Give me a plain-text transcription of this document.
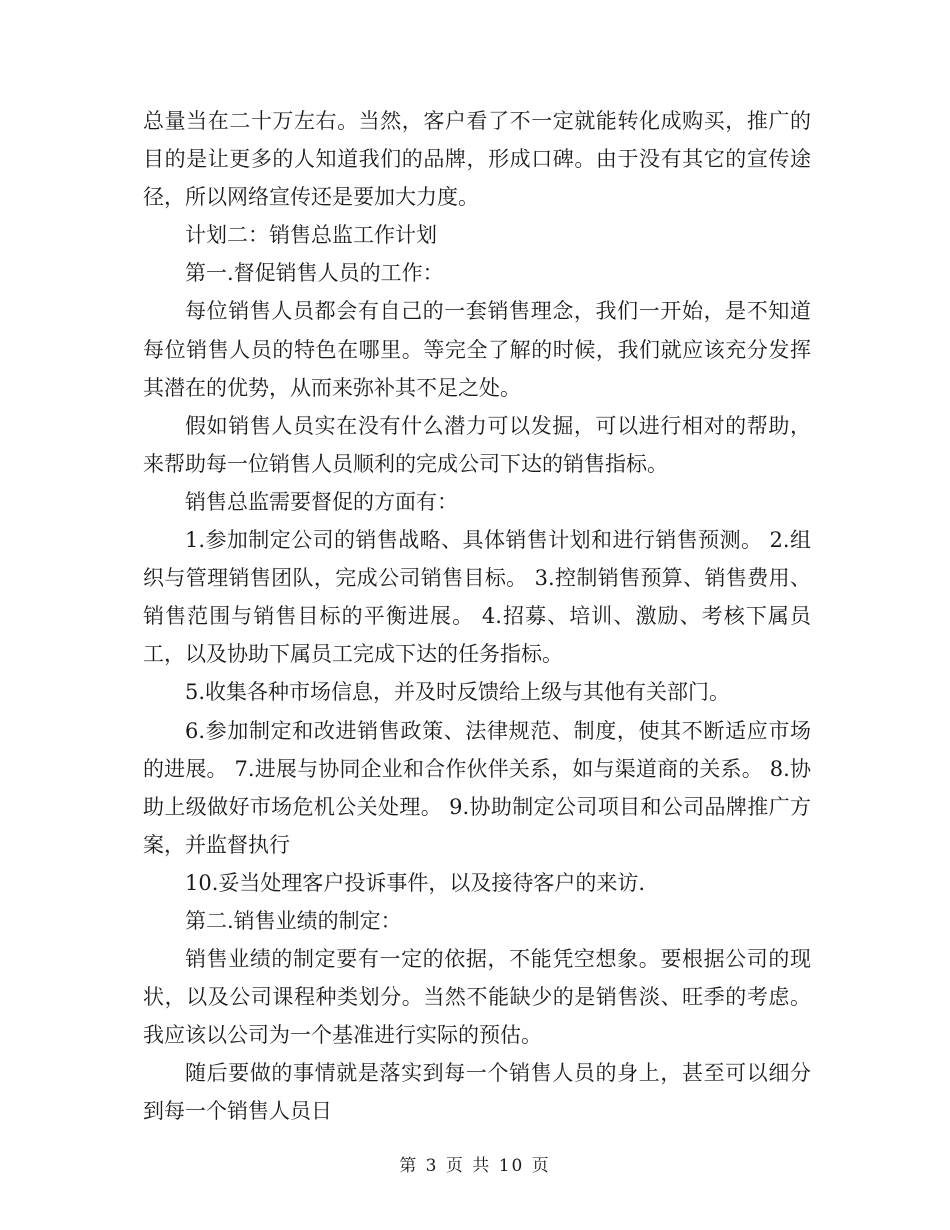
总量当在二十万左右。当然，客户看了不一定就能转化成购买，推广的目的是让更多的人知道我们的品牌，形成口碑。由于没有其它的宣传途径，所以网络宣传还是要加大力度。

计划二：销售总监工作计划

第一.督促销售人员的工作：

每位销售人员都会有自己的一套销售理念，我们一开始，是不知道每位销售人员的特色在哪里。等完全了解的时候，我们就应该充分发挥其潜在的优势，从而来弥补其不足之处。

假如销售人员实在没有什么潜力可以发掘，可以进行相对的帮助，来帮助每一位销售人员顺利的完成公司下达的销售指标。

销售总监需要督促的方面有：

1.参加制定公司的销售战略、具体销售计划和进行销售预测。 2.组织与管理销售团队，完成公司销售目标。 3.控制销售预算、销售费用、销售范围与销售目标的平衡进展。 4.招募、培训、激励、考核下属员工，以及协助下属员工完成下达的任务指标。

5.收集各种市场信息，并及时反馈给上级与其他有关部门。

6.参加制定和改进销售政策、法律规范、制度，使其不断适应市场的进展。 7.进展与协同企业和合作伙伴关系，如与渠道商的关系。 8.协助上级做好市场危机公关处理。 9.协助制定公司项目和公司品牌推广方案，并监督执行

10.妥当处理客户投诉事件，以及接待客户的来访.

第二.销售业绩的制定：

销售业绩的制定要有一定的依据，不能凭空想象。要根据公司的现状，以及公司课程种类划分。当然不能缺少的是销售淡、旺季的考虑。我应该以公司为一个基准进行实际的预估。

随后要做的事情就是落实到每一个销售人员的身上，甚至可以细分到每一个销售人员日

第 3 页 共 10 页
